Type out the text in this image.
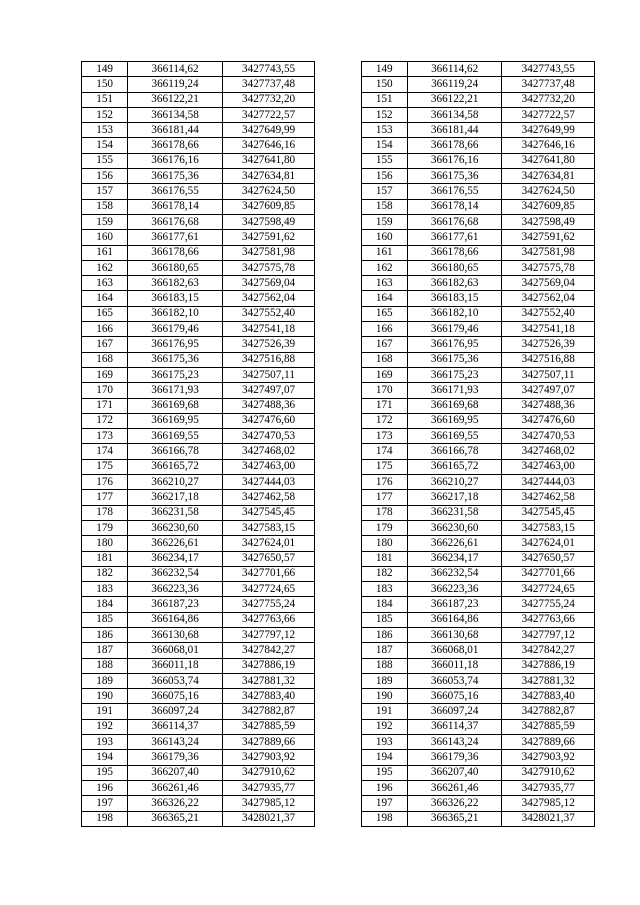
149	366114,62	3427743,55		149	366114,62	3427743,55
150	366119,24	3427737,48		150	366119,24	3427737,48
151	366122,21	3427732,20		151	366122,21	3427732,20
152	366134,58	3427722,57		152	366134,58	3427722,57
153	366181,44	3427649,99		153	366181,44	3427649,99
154	366178,66	3427646,16		154	366178,66	3427646,16
155	366176,16	3427641,80		155	366176,16	3427641,80
156	366175,36	3427634,81		156	366175,36	3427634,81
157	366176,55	3427624,50		157	366176,55	3427624,50
158	366178,14	3427609,85		158	366178,14	3427609,85
159	366176,68	3427598,49		159	366176,68	3427598,49
160	366177,61	3427591,62		160	366177,61	3427591,62
161	366178,66	3427581,98		161	366178,66	3427581,98
162	366180,65	3427575,78		162	366180,65	3427575,78
163	366182,63	3427569,04		163	366182,63	3427569,04
164	366183,15	3427562,04		164	366183,15	3427562,04
165	366182,10	3427552,40		165	366182,10	3427552,40
166	366179,46	3427541,18		166	366179,46	3427541,18
167	366176,95	3427526,39		167	366176,95	3427526,39
168	366175,36	3427516,88		168	366175,36	3427516,88
169	366175,23	3427507,11		169	366175,23	3427507,11
170	366171,93	3427497,07		170	366171,93	3427497,07
171	366169,68	3427488,36		171	366169,68	3427488,36
172	366169,95	3427476,60		172	366169,95	3427476,60
173	366169,55	3427470,53		173	366169,55	3427470,53
174	366166,78	3427468,02		174	366166,78	3427468,02
175	366165,72	3427463,00		175	366165,72	3427463,00
176	366210,27	3427444,03		176	366210,27	3427444,03
177	366217,18	3427462,58		177	366217,18	3427462,58
178	366231,58	3427545,45		178	366231,58	3427545,45
179	366230,60	3427583,15		179	366230,60	3427583,15
180	366226,61	3427624,01		180	366226,61	3427624,01
181	366234,17	3427650,57		181	366234,17	3427650,57
182	366232,54	3427701,66		182	366232,54	3427701,66
183	366223,36	3427724,65		183	366223,36	3427724,65
184	366187,23	3427755,24		184	366187,23	3427755,24
185	366164,86	3427763,66		185	366164,86	3427763,66
186	366130,68	3427797,12		186	366130,68	3427797,12
187	366068,01	3427842,27		187	366068,01	3427842,27
188	366011,18	3427886,19		188	366011,18	3427886,19
189	366053,74	3427881,32		189	366053,74	3427881,32
190	366075,16	3427883,40		190	366075,16	3427883,40
191	366097,24	3427882,87		191	366097,24	3427882,87
192	366114,37	3427885,59		192	366114,37	3427885,59
193	366143,24	3427889,66		193	366143,24	3427889,66
194	366179,36	3427903,92		194	366179,36	3427903,92
195	366207,40	3427910,62		195	366207,40	3427910,62
196	366261,46	3427935,77		196	366261,46	3427935,77
197	366326,22	3427985,12		197	366326,22	3427985,12
198	366365,21	3428021,37		198	366365,21	3428021,37
